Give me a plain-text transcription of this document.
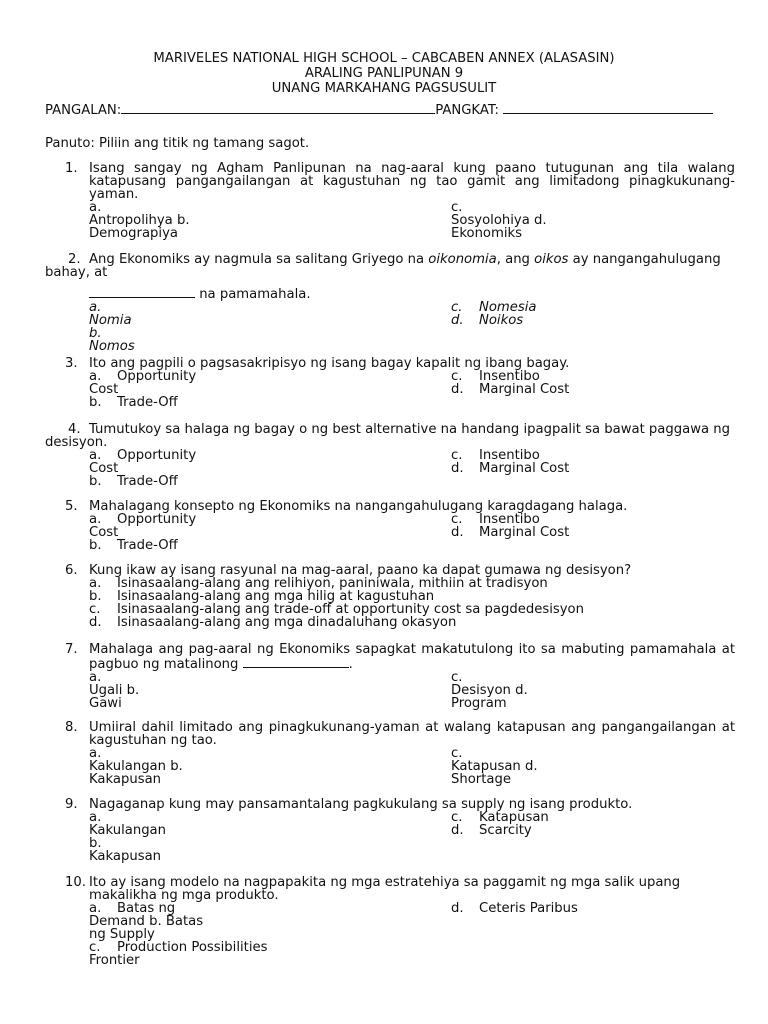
MARIVELES NATIONAL HIGH SCHOOL – CABCABEN ANNEX (ALASASIN)
ARALING PANLIPUNAN 9
UNANG MARKAHANG PAGSUSULIT
PANGALAN:	PANGKAT:
Panuto: Piliin ang titik ng tamang sagot.
1. Isang sangay ng Agham Panlipunan na nag-aaral kung paano tutugunan ang tila walang katapusang pangangailangan at kagustuhan ng tao gamit ang limitadong pinagkukunang-yaman.
a.
Antropolihya b.
Demograpiya
c.
Sosyolohiya d.
Ekonomiks
2. Ang Ekonomiks ay nagmula sa salitang Griyego na oikonomia, ang oikos ay nangangahulugang bahay, at
na pamamahala.
a.
Nomia
b.
Nomos
c. Nomesia
d. Noikos
3. Ito ang pagpili o pagsasakripisyo ng isang bagay kapalit ng ibang bagay.
a. Opportunity
Cost
b. Trade-Off
c. Insentibo
d. Marginal Cost
4. Tumutukoy sa halaga ng bagay o ng best alternative na handang ipagpalit sa bawat paggawa ng desisyon.
a. Opportunity
Cost
b. Trade-Off
c. Insentibo
d. Marginal Cost
5. Mahalagang konsepto ng Ekonomiks na nangangahulugang karagdagang halaga.
a. Opportunity
Cost
b. Trade-Off
c. Insentibo
d. Marginal Cost
6. Kung ikaw ay isang rasyunal na mag-aaral, paano ka dapat gumawa ng desisyon?
a. Isinasaalang-alang ang relihiyon, paniniwala, mithiin at tradisyon
b. Isinasaalang-alang ang mga hilig at kagustuhan
c. Isinasaalang-alang ang trade-off at opportunity cost sa pagdedesisyon
d. Isinasaalang-alang ang mga dinadaluhang okasyon
7. Mahalaga ang pag-aaral ng Ekonomiks sapagkat makatutulong ito sa mabuting pamamahala at pagbuo ng matalinong	.
a.
Ugali b.
Gawi
c.
Desisyon d.
Program
8. Umiiral dahil limitado ang pinagkukunang-yaman at walang katapusan ang pangangailangan at kagustuhan ng tao.
a.
Kakulangan b.
Kakapusan
c.
Katapusan d.
Shortage
9. Nagaganap kung may pansamantalang pagkukulang sa supply ng isang produkto.
a.
Kakulangan
b.
Kakapusan
c. Katapusan
d. Scarcity
10. Ito ay isang modelo na nagpapakita ng mga estratehiya sa paggamit ng mga salik upang makalikha ng mga produkto.
a. Batas ng
Demand b. Batas
ng Supply
c. Production Possibilities
Frontier
d. Ceteris Paribus
